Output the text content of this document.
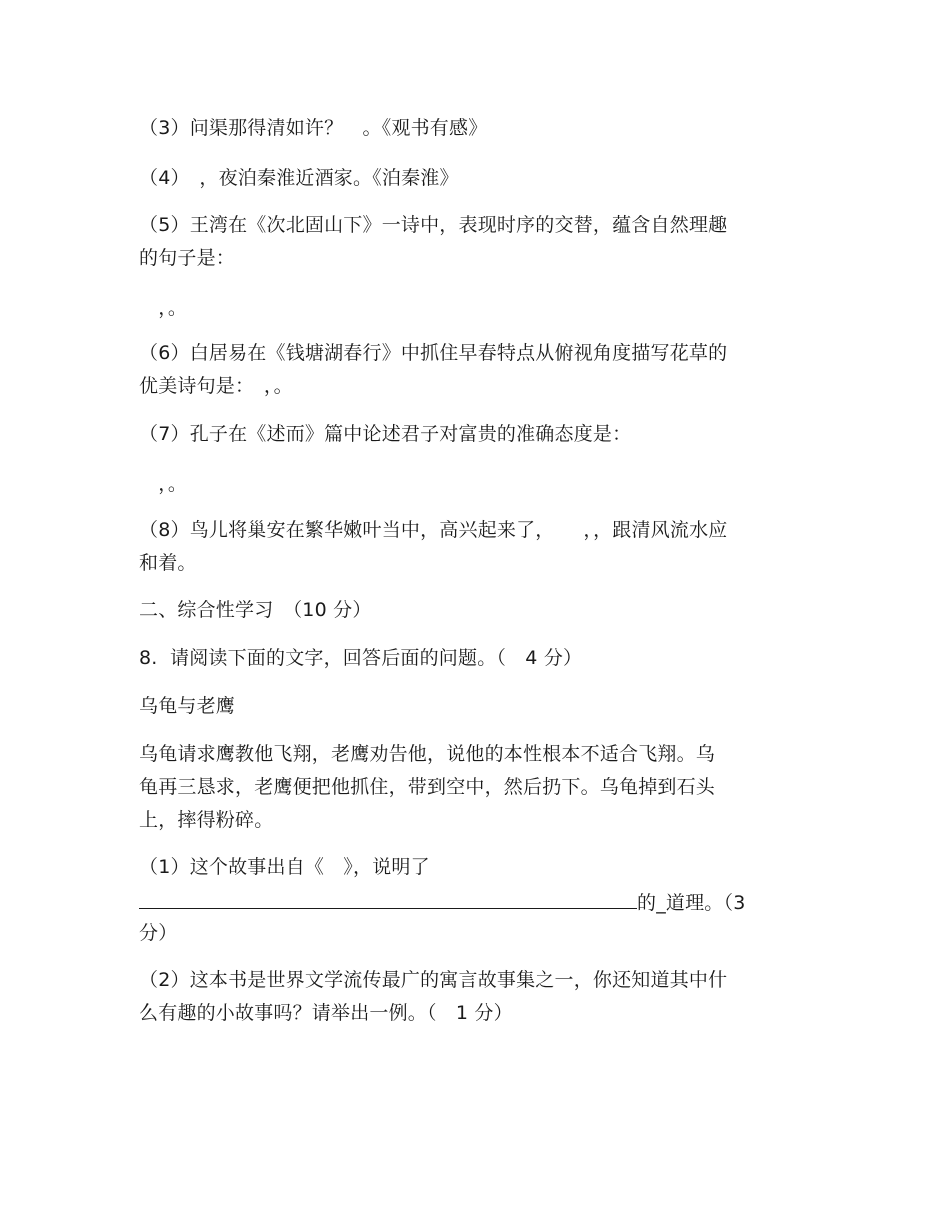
（3）问渠那得清如许？　。《观书有感》
（4）　，夜泊秦淮近酒家。《泊秦淮》
（5）王湾在《次北固山下》一诗中，表现时序的交替，蕴含自然理趣
的句子是：
　，。
（6）白居易在《钱塘湖春行》中抓住早春特点从俯视角度描写花草的
优美诗句是：　，。
（7）孔子在《述而》篇中论述君子对富贵的准确态度是：
　，。
（8）鸟儿将巢安在繁华嫩叶当中，高兴起来了，　　，，跟清风流水应
和着。
二、综合性学习　（10 分）
8.  请阅读下面的文字，回答后面的问题。（　4 分）
乌龟与老鹰
乌龟请求鹰教他飞翔，老鹰劝告他，说他的本性根本不适合飞翔。乌
龟再三恳求，老鹰便把他抓住，带到空中，然后扔下。乌龟掉到石头
上，摔得粉碎。
（1）这个故事出自《　》，说明了
的_道理。（3
分）
（2）这本书是世界文学流传最广的寓言故事集之一，你还知道其中什
么有趣的小故事吗？请举出一例。（　1 分）
